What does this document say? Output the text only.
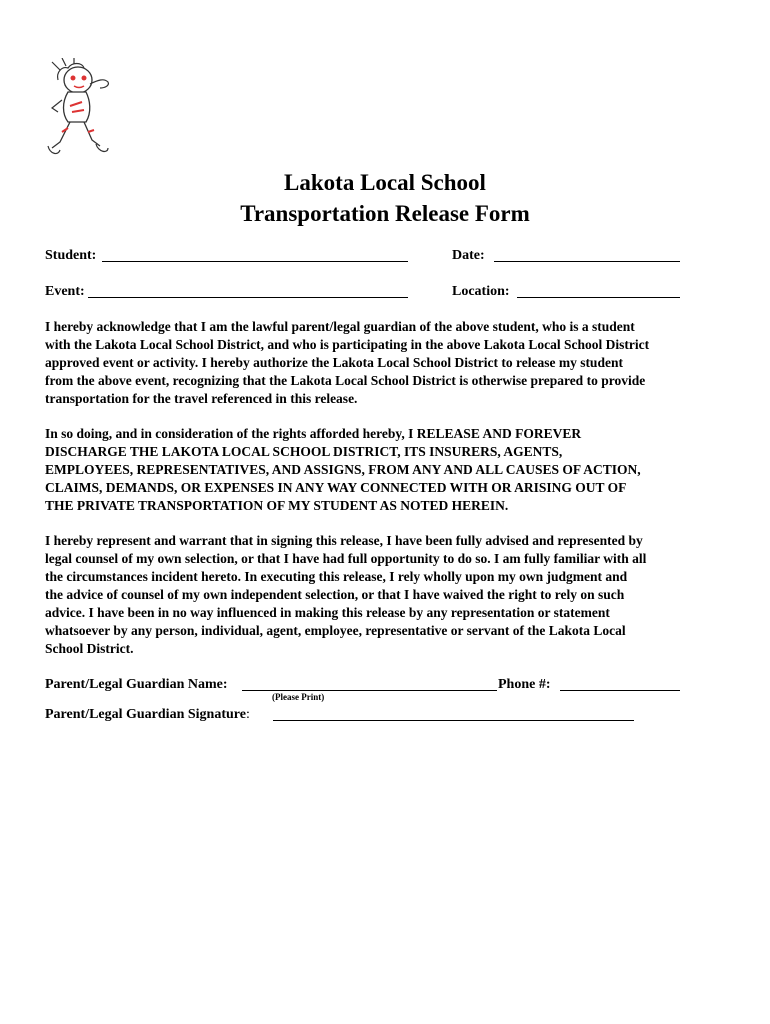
Lakota Local School
Transportation Release Form
Student:	Date:
Event:	Location:

I hereby acknowledge that I am the lawful parent/legal guardian of the above student, who is a student
with the Lakota Local School District, and who is participating in the above Lakota Local School District
approved event or activity. I hereby authorize the Lakota Local School District to release my student
from the above event, recognizing that the Lakota Local School District is otherwise prepared to provide
transportation for the travel referenced in this release.

In so doing, and in consideration of the rights afforded hereby, I RELEASE AND FOREVER
DISCHARGE THE LAKOTA LOCAL SCHOOL DISTRICT, ITS INSURERS, AGENTS,
EMPLOYEES, REPRESENTATIVES, AND ASSIGNS, FROM ANY AND ALL CAUSES OF ACTION,
CLAIMS, DEMANDS, OR EXPENSES IN ANY WAY CONNECTED WITH OR ARISING OUT OF
THE PRIVATE TRANSPORTATION OF MY STUDENT AS NOTED HEREIN.

I hereby represent and warrant that in signing this release, I have been fully advised and represented by
legal counsel of my own selection, or that I have had full opportunity to do so. I am fully familiar with all
the circumstances incident hereto. In executing this release, I rely wholly upon my own judgment and
the advice of counsel of my own independent selection, or that I have waived the right to rely on such
advice. I have been in no way influenced in making this release by any representation or statement
whatsoever by any person, individual, agent, employee, representative or servant of the Lakota Local
School District.

Parent/Legal Guardian Name:
(Please Print)
Phone #:
Parent/Legal Guardian Signature:
